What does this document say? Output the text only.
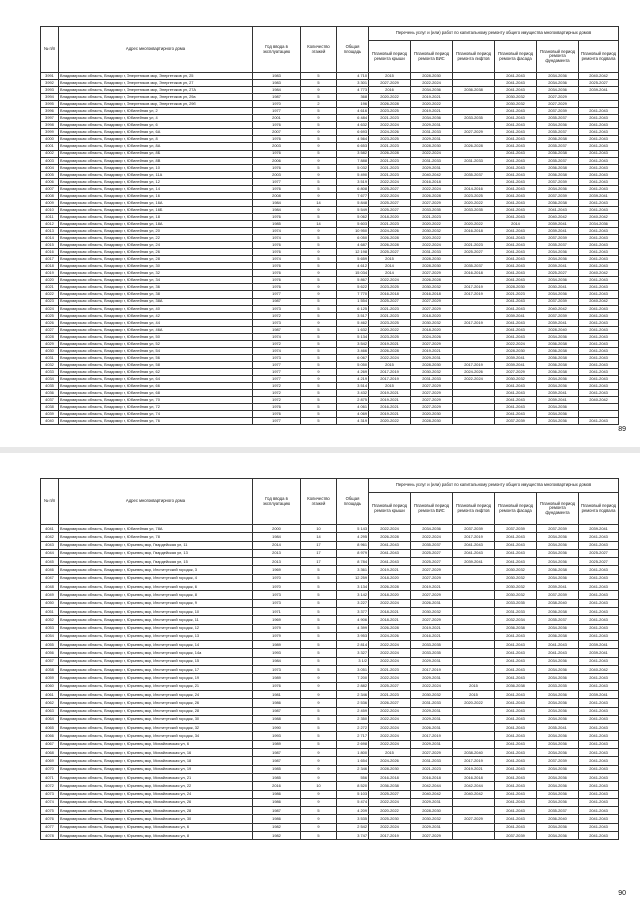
№ п/п	Адрес многоквартирного дома	Год ввода в эксплуатацию	Количество этажей	Общая площадь	Перечень услуг и (или) работ по капитальному ремонту общего имущества многоквартирных домов					
					Плановый период ремонта крыши	Плановый период ремонта ВИС	Плановый период ремонта лифтов	Плановый период ремонта фасада	Плановый период ремонта фундамента	Плановый период ремонта подвала
3991	Владимирская область, Владимир г, Энергетиков мкр, Энергетиков ул, 25	1983	5	4 710	2015	2028-2030		2041-2043	2034-2036	2040-2042
3992	Владимирская область, Владимир г, Энергетиков мкр, Энергетиков ул, 27	1983	5	3 301	2027-2029	2022-2024		2041-2043	2034-2036	2025-2027
3993	Владимирская область, Владимир г, Энергетиков мкр, Энергетиков ул, 27А	1984	9	4 773	2016	2034-2036	2036-2038	2041-2043	2034-2036	2039-2041
3994	Владимирская область, Владимир г, Энергетиков мкр, Энергетиков ул, 29а	1987	5	368	2020-2022	2019-2021		2030-2032	2027-2029	
3995	Владимирская область, Владимир г, Энергетиков мкр, Энергетиков ул, 29б	1970	2	196	2026-2028	2020-2022		2030-2032	2027-2029	
3996	Владимирская область, Владимир г, Юбилейная ул, 2	1977	5	4 616	2023-2025	2019-2021		2041-2043	2037-2039	2041-2043
3997	Владимирская область, Владимир г, Юбилейная ул, 4	2001	9	6 484	2021-2023	2034-2036	2033-2035	2041-2043	2035-2037	2041-2043
3998	Владимирская область, Владимир г, Юбилейная ул, 6	1976	5	4 632	2022-2024	2029-2031		2041-2043	2034-2036	2041-2043
3999	Владимирская область, Владимир г, Юбилейная ул, 6А	2007	9	6 693	2024-2026	2031-2033	2027-2029	2041-2043	2035-2037	2041-2043
4000	Владимирская область, Владимир г, Юбилейная ул, 8	1976	5	4 564	2023-2025	2029-2031		2041-2043	2036-2038	2041-2043
4001	Владимирская область, Владимир г, Юбилейная ул, 8А	2003	9	6 653	2021-2023	2028-2030	2026-2028	2041-2043	2035-2037	2041-2043
4002	Владимирская область, Владимир г, Юбилейная ул, 8Б	1976	5	3 582	2026-2028	2022-2024		2041-2043	2036-2038	2041-2043
4003	Владимирская область, Владимир г, Юбилейная ул, 8В	2006	9	7 888	2021-2023	2031-2033	2031-2033	2041-2043	2035-2037	2041-2043
4004	Владимирская область, Владимир г, Юбилейная ул, 10	1976	5	5 032	2021-2023	2029-2031		2041-2043	2036-2038	2041-2043
4005	Владимирская область, Владимир г, Юбилейная ул, 11А	2003	9	5 490	2021-2023	2040-2042	2035-2037	2041-2043	2036-2038	2041-2043
4006	Владимирская область, Владимир г, Юбилейная ул, 12	1977	5	3 519	2022-2024	2016-2018		2041-2043	2037-2039	2041-2043
4007	Владимирская область, Владимир г, Юбилейная ул, 14	1976	5	6 808	2025-2027	2022-2024	2014-2016	2041-2043	2034-2036	2041-2043
4008	Владимирская область, Владимир г, Юбилейная ул, 16	2008	9	7 677	2022-2024	2026-2028	2023-2025	2041-2043	2037-2039	2039-2041
4009	Владимирская область, Владимир г, Юбилейная ул, 16А	1984	14	5 848	2025-2027	2027-2029	2020-2022	2041-2043	2036-2038	2041-2043
4010	Владимирская область, Владимир г, Юбилейная ул, 16Б	1984	9	5 549	2025-2027	2033-2035	2033-2035	2041-2043	2041-2043	2041-2043
4011	Владимирская область, Владимир г, Юбилейная ул, 18	1976	5	5 062	2018-2020	2021-2023		2041-2043	2040-2042	2040-2042
4012	Владимирская область, Владимир г, Юбилейная ул, 18А	1985	14	5 603	2021-2023	2020-2022	2020-2022	2014	2039-2041	2034-2036
4013	Владимирская область, Владимир г, Юбилейная ул, 20	1974	9	10 950	2024-2026	2030-2032	2016-2018	2041-2043	2039-2041	2041-2043
4014	Владимирская область, Владимир г, Юбилейная ул, 22	1974	5	6 050	2026-2028	2020-2022		2041-2043	2037-2039	2041-2043
4015	Владимирская область, Владимир г, Юбилейная ул, 24	1976	5	4 687	2026-2028	2022-2024	2021-2023	2041-2043	2035-2037	2041-2043
4016	Владимирская область, Владимир г, Юбилейная ул, 26	1976	9	12 198	2025-2027	2031-2033	2025-2027	2041-2043	2034-2036	2041-2043
4017	Владимирская область, Владимир г, Юбилейная ул, 28	1974	5	5 659	2015	2028-2030		2041-2043	2034-2036	2041-2043
4018	Владимирская область, Владимир г, Юбилейная ул, 30	1976	5	4 612	2014	2028-2030	2035-2037	2041-2043	2039-2041	2041-2043
4019	Владимирская область, Владимир г, Юбилейная ул, 32	1976	9	15 034	2014	2027-2029	2016-2018	2041-2043	2025-2027	2040-2042
4020	Владимирская область, Владимир г, Юбилейная ул, 34	1976	5	5 867	2022-2024	2026-2028		2041-2043	2034-2036	2041-2043
4021	Владимирская область, Владимир г, Юбилейная ул, 36	1976	9	5 622	2023-2025	2030-2032	2017-2019	2028-2030	2030-2041	2041-2043
4022	Владимирская область, Владимир г, Юбилейная ул, 38	1977	9	7 770	2016-2018	2016-2018	2017-2019	2021-2023	2034-2036	2041-2043
4023	Владимирская область, Владимир г, Юбилейная ул, 38А	1987	5	1 554	2025-2027	2027-2029		2041-2043	2037-2039	2040-2042
4024	Владимирская область, Владимир г, Юбилейная ул, 40	1973	5	6 125	2021-2023	2027-2029		2041-2043	2040-2042	2041-2043
4025	Владимирская область, Владимир г, Юбилейная ул, 42	1972	5	3 517	2021-2023	2018-2020		2039-2041	2037-2039	2041-2043
4026	Владимирская область, Владимир г, Юбилейная ул, 44	1973	9	5 462	2023-2025	2030-2032	2017-2019	2041-2043	2039-2041	2041-2043
4027	Владимирская область, Владимир г, Юбилейная ул, 46А	1987	5	1 632	2020-2022	2018-2020		2041-2043	2028-2040	2041-2043
4028	Владимирская область, Владимир г, Юбилейная ул, 50	1974	5	5 134	2023-2025	2024-2026		2041-2043	2034-2036	2041-2043
4029	Владимирская область, Владимир г, Юбилейная ул, 52	1972	5	3 542	2019-2021	2027-2029		2022-2024	2036-2038	2041-2043
4030	Владимирская область, Владимир г, Юбилейная ул, 54	1974	5	3 466	2026-2028	2019-2021		2028-2030	2036-2038	2041-2043
4031	Владимирская область, Владимир г, Юбилейная ул, 56	1973	5	6 067	2022-2024	2029-2031		2039-2041	2036-2038	2041-2043
4032	Владимирская область, Владимир г, Юбилейная ул, 58	1977	5	5 050	2015	2028-2030	2017-2019	2039-2041	2036-2038	2041-2043
4033	Владимирская область, Владимир г, Юбилейная ул, 62	1977	9	4 269	2017-2019	2030-2032	2024-2026	2027-2029	2036-2038	2041-2043
4034	Владимирская область, Владимир г, Юбилейная ул, 64	1977	9	4 219	2017-2019	2031-2033	2022-2024	2030-2032	2034-2036	2041-2043
4035	Владимирская область, Владимир г, Юбилейная ул, 66	1972	5	3 514	2015	2027-2029		2041-2043	2034-2036	2041-2043
4036	Владимирская область, Владимир г, Юбилейная ул, 68	1972	5	3 432	2019-2021	2027-2029		2041-2043	2039-2041	2041-2043
4037	Владимирская область, Владимир г, Юбилейная ул, 70	1972	5	2 875	2019-2021	2027-2029		2041-2043	2039-2041	2040-2042
4038	Владимирская область, Владимир г, Юбилейная ул, 72	1976	5	4 061	2016-2021	2027-2029		2041-2043	2034-2036	
4039	Владимирская область, Владимир г, Юбилейная ул, 74	1976	5	4 069	2019-2021	2020-2030		2041-2043	2034-2036	
4040	Владимирская область, Владимир г, Юбилейная ул, 76	1977	5	4 319	2020-2022	2028-2030		2037-2039	2034-2036	2041-2043
89
№ п/п	Адрес многоквартирного дома	Год ввода в эксплуатацию	Количество этажей	Общая площадь	Перечень услуг и (или) работ по капитальному ремонту общего имущества многоквартирных домов					
					Плановый период ремонта крыши	Плановый период ремонта ВИС	Плановый период ремонта лифтов	Плановый период ремонта фасада	Плановый период ремонта фундамента	Плановый период ремонта подвала
4041	Владимирская область, Владимир г, Юбилейная ул, 78А	2000	10	5 143	2022-2024	2034-2036	2037-2039	2037-2039	2037-2039	2039-2041
4042	Владимирская область, Владимир г, Юбилейная ул, 78	1984	14	4 295	2026-2028	2022-2024	2017-2019	2041-2043	2034-2036	2041-2043
4043	Владимирская область, Владимир г, Юрьевец мкр, Гвардейская ул, 11	2014	17	8 961	2041-2043	2035-2037	2041-2043	2041-2043	2034-2036	2041-2043
4044	Владимирская область, Владимир г, Юрьевец мкр, Гвардейская ул, 13	2013	17	8 979	2041-2043	2025-2027	2041-2043	2041-2043	2034-2036	2025-2027
4045	Владимирская область, Владимир г, Юрьевец мкр, Гвардейская ул, 15	2013	17	8 784	2041-2043	2025-2027	2039-2041	2041-2043	2034-2036	2025-2027
4046	Владимирская область, Владимир г, Юрьевец мкр, Институтский городок, 3	1969	5	3 361	2019-2021	2027-2029		2030-2032	2036-2038	2041-2043
4047	Владимирская область, Владимир г, Юрьевец мкр, Институтский городок, 4	1970	5	12 259	2018-2020	2027-2029		2030-2032	2034-2036	2041-2043
4048	Владимирская область, Владимир г, Юрьевец мкр, Институтский городок, 6	1970	5	3 134	2026-2028	2019-2021		2030-2032	2039-2041	2041-2043
4049	Владимирская область, Владимир г, Юрьевец мкр, Институтский городок, 8	1973	5	3 142	2018-2020	2027-2029		2030-2032	2037-2039	2041-2043
4050	Владимирская область, Владимир г, Юрьевец мкр, Институтский городок, 9	1973	5	3 227	2022-2024	2026-2031		2033-2035	2038-2040	2041-2043
4051	Владимирская область, Владимир г, Юрьевец мкр, Институтский городок, 10	1971	5	3 377	2018-2021	2030-2032		2031-2033	2036-2038	2041-2043
4052	Владимирская область, Владимир г, Юрьевец мкр, Институтский городок, 11	1969	5	4 906	2018-2021	2027-2029		2032-2034	2035-2037	2041-2043
4053	Владимирская область, Владимир г, Юрьевец мкр, Институтский городок, 12	1979	5	4 399	2026-2028	2019-2021		2036-2038	2034-2036	2041-2043
4054	Владимирская область, Владимир г, Юрьевец мкр, Институтский городок, 13	1979	5	3 953	2024-2026	2016-2021		2041-2043	2036-2038	2041-2043
4055	Владимирская область, Владимир г, Юрьевец мкр, Институтский городок, 14	1989	5	2 814	2022-2024	2033-2035		2041-2043	2041-2043	2039-2041
4056	Владимирская область, Владимир г, Юрьевец мкр, Институтский городок, 14а	1993	5	3 327	2022-2024	2033-2035		2041-2043	2041-2043	2039-2041
4057	Владимирская область, Владимир г, Юрьевец мкр, Институтский городок, 15	1984	5	3 1/2	2022-2024	2029-2031		2041-2043	2034-2036	2041-2043
4058	Владимирская область, Владимир г, Юрьевец мкр, Институтский городок, 17	1973	5	3 051	2021-2023	2017-2019		2041-2043	2034-2036	2040-2042
4059	Владимирская область, Владимир г, Юрьевец мкр, Институтский городок, 19	1989	9	7 200	2022-2024	2029-2031		2041-2043	2034-2036	2041-2043
4060	Владимирская область, Владимир г, Юрьевец мкр, Институтский городок, 21	1976	9	2 882	2025-2027	2022-2024	2015	2036-2038	2033-2035	2041-2043
4061	Владимирская область, Владимир г, Юрьевец мкр, Институтский городок, 24	1981	9	2 346	2021-2023	2030-2032	2015	2041-2043	2034-2036	2039-2041
4062	Владимирская область, Владимир г, Юрьевец мкр, Институтский городок, 26	1986	9	2 536	2026-2027	2031-2033	2020-2022	2041-2043	2034-2036	2041-2043
4063	Владимирская область, Владимир г, Юрьевец мкр, Институтский городок, 28	1987	5	2 459	2022-2024	2029-2031		2041-2043	2034-2036	2041-2043
4064	Владимирская область, Владимир г, Юрьевец мкр, Институтский городок, 30	1988	5	2 350	2022-2024	2029-2031		2041-2043	2034-2036	2041-2043
4065	Владимирская область, Владимир г, Юрьевец мкр, Институтский городок, 32	1990	5	2 272	2022-2024	2026-2031		2041-2043	2035-2041	2041-2043
4066	Владимирская область, Владимир г, Юрьевец мкр, Институтский городок, 34	1993	5	2 717	2022-2024	2017-2019		2041-2043	2034-2036	2041-2043
4067	Владимирская область, Владимир г, Юрьевец мкр, Михайловская ул, 6	1989	5	2 698	2022-2024	2029-2031		2041-2043	2034-2036	2041-2043
4068	Владимирская область, Владимир г, Юрьевец мкр, Михайловская ул, 16	1987	9	1 800	2015	2027-2029	2038-2040	2041-2043	2034-2036	2041-2043
4069	Владимирская область, Владимир г, Юрьевец мкр, Михайловская ул, 18	1987	9	1 654	2024-2026	2031-2033	2017-2019	2041-2043	2037-2039	2041-2043
4070	Владимирская область, Владимир г, Юрьевец мкр, Михайловская ул, 19	1985	9	2 346	2028-2030	2021-2023	2019-2021	2041-2043	2034-2036	2041-2043
4071	Владимирская область, Владимир г, Юрьевец мкр, Михайловская ул, 21	1985	9	556	2016-2018	2016-2018	2016-2018	2041-2043	2034-2036	2041-2043
4072	Владимирская область, Владимир г, Юрьевец мкр, Михайловская ул, 22	2016	10	8 520	2036-2038	2042-2044	2042-2044	2041-2043	2034-2036	2041-2043
4073	Владимирская область, Владимир г, Юрьевец мкр, Михайловская ул, 24	1986	9	5 103	2025-2027	2040-2042	2040-2042	2041-2043	2034-2036	2041-2043
4074	Владимирская область, Владимир г, Юрьевец мкр, Михайловская ул, 26	1986	9	5 474	2022-2024	2029-2031		2041-2043	2034-2036	2041-2043
4075	Владимирская область, Владимир г, Юрьевец мкр, Михайловская ул, 28	1987	5	4 209	2020-2022	2028-2030		2041-2043	2035-2037	2041-2043
4076	Владимирская область, Владимир г, Юрьевец мкр, Михайловская ул, 30	1986	9	3 535	2025-2030	2030-2032	2027-2029	2041-2043	2036-2040	2041-2043
4077	Владимирская область, Владимир г, Юрьевец мкр, Михайловская ул, 6	1982	9	2 542	2022-2024	2029-2031		2041-2043	2034-2036	2041-2043
4078	Владимирская область, Владимир г, Юрьевец мкр, Михайловская ул, 8	1982	5	3 747	2017-2019	2027-2029		2037-2039	2034-2036	2041-2043
90
